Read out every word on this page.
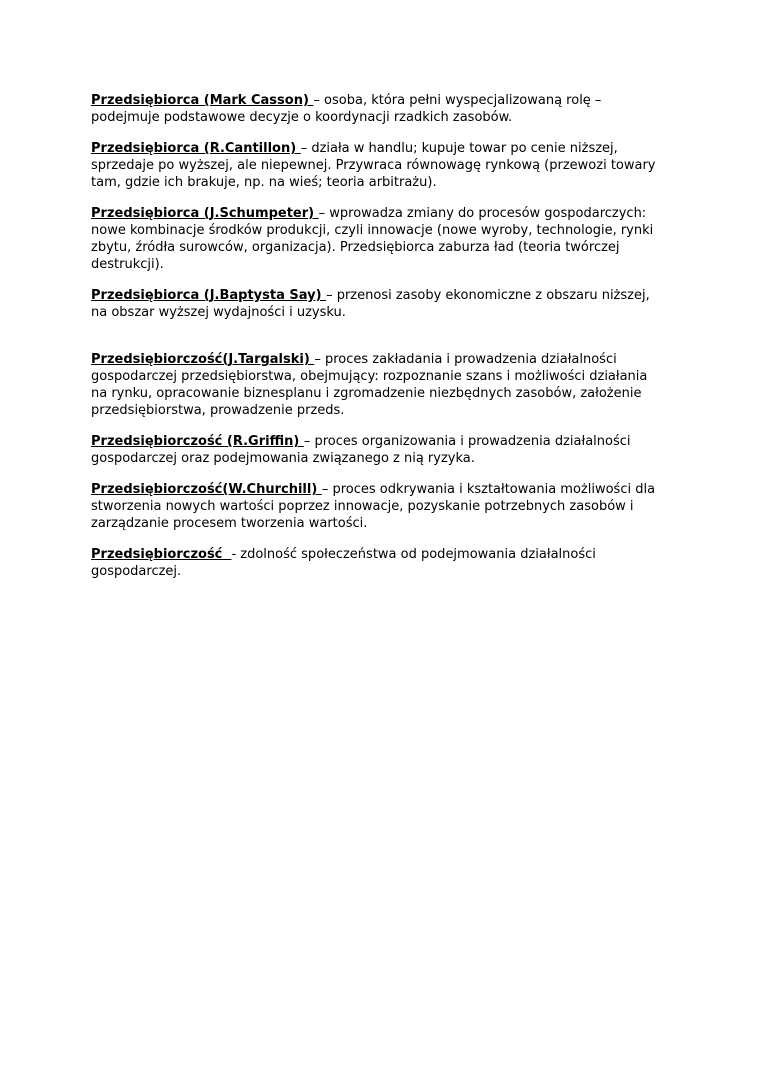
Przedsiębiorca (Mark Casson) – osoba, która pełni wyspecjalizowaną rolę – podejmuje podstawowe decyzje o koordynacji rzadkich zasobów.

Przedsiębiorca (R.Cantillon) – działa w handlu; kupuje towar po cenie niższej, sprzedaje po wyższej, ale niepewnej. Przywraca równowagę rynkową (przewozi towary tam, gdzie ich brakuje, np. na wieś; teoria arbitrażu).

Przedsiębiorca (J.Schumpeter) – wprowadza zmiany do procesów gospodarczych: nowe kombinacje środków produkcji, czyli innowacje (nowe wyroby, technologie, rynki zbytu, źródła surowców, organizacja). Przedsiębiorca zaburza ład (teoria twórczej destrukcji).

Przedsiębiorca (J.Baptysta Say) – przenosi zasoby ekonomiczne z obszaru niższej, na obszar wyższej wydajności i uzysku.

Przedsiębiorczość(J.Targalski) – proces zakładania i prowadzenia działalności gospodarczej przedsiębiorstwa, obejmujący: rozpoznanie szans i możliwości działania na rynku, opracowanie biznesplanu i zgromadzenie niezbędnych zasobów, założenie przedsiębiorstwa, prowadzenie przeds.

Przedsiębiorczość (R.Griffin) – proces organizowania i prowadzenia działalności gospodarczej oraz podejmowania związanego z nią ryzyka.

Przedsiębiorczość(W.Churchill) – proces odkrywania i kształtowania możliwości dla stworzenia nowych wartości poprzez innowacje, pozyskanie potrzebnych zasobów i zarządzanie procesem tworzenia wartości.

Przedsiębiorczość  - zdolność społeczeństwa od podejmowania działalności gospodarczej.
